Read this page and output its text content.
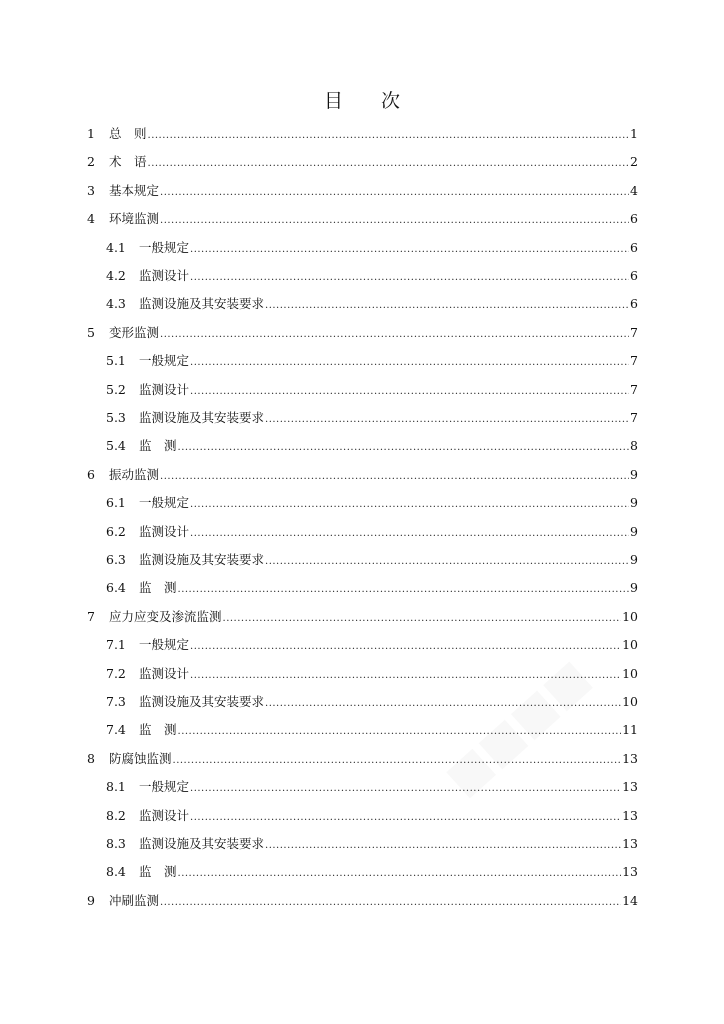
■■■■
目 次
1	总　则 .....	1
2	术　语 .....	2
3	基本规定 .....	4
4	环境监测 .....	6
4.1	一般规定 .....	6
4.2	监测设计 .....	6
4.3	监测设施及其安装要求 .....	6
5	变形监测 .....	7
5.1	一般规定 .....	7
5.2	监测设计 .....	7
5.3	监测设施及其安装要求 .....	7
5.4	监　测 .....	8
6	振动监测 .....	9
6.1	一般规定 .....	9
6.2	监测设计 .....	9
6.3	监测设施及其安装要求 .....	9
6.4	监　测 .....	9
7	应力应变及渗流监测 .....	10
7.1	一般规定 .....	10
7.2	监测设计 .....	10
7.3	监测设施及其安装要求 .....	10
7.4	监　测 .....	11
8	防腐蚀监测 .....	13
8.1	一般规定 .....	13
8.2	监测设计 .....	13
8.3	监测设施及其安装要求 .....	13
8.4	监　测 .....	13
9	冲刷监测 .....	14
